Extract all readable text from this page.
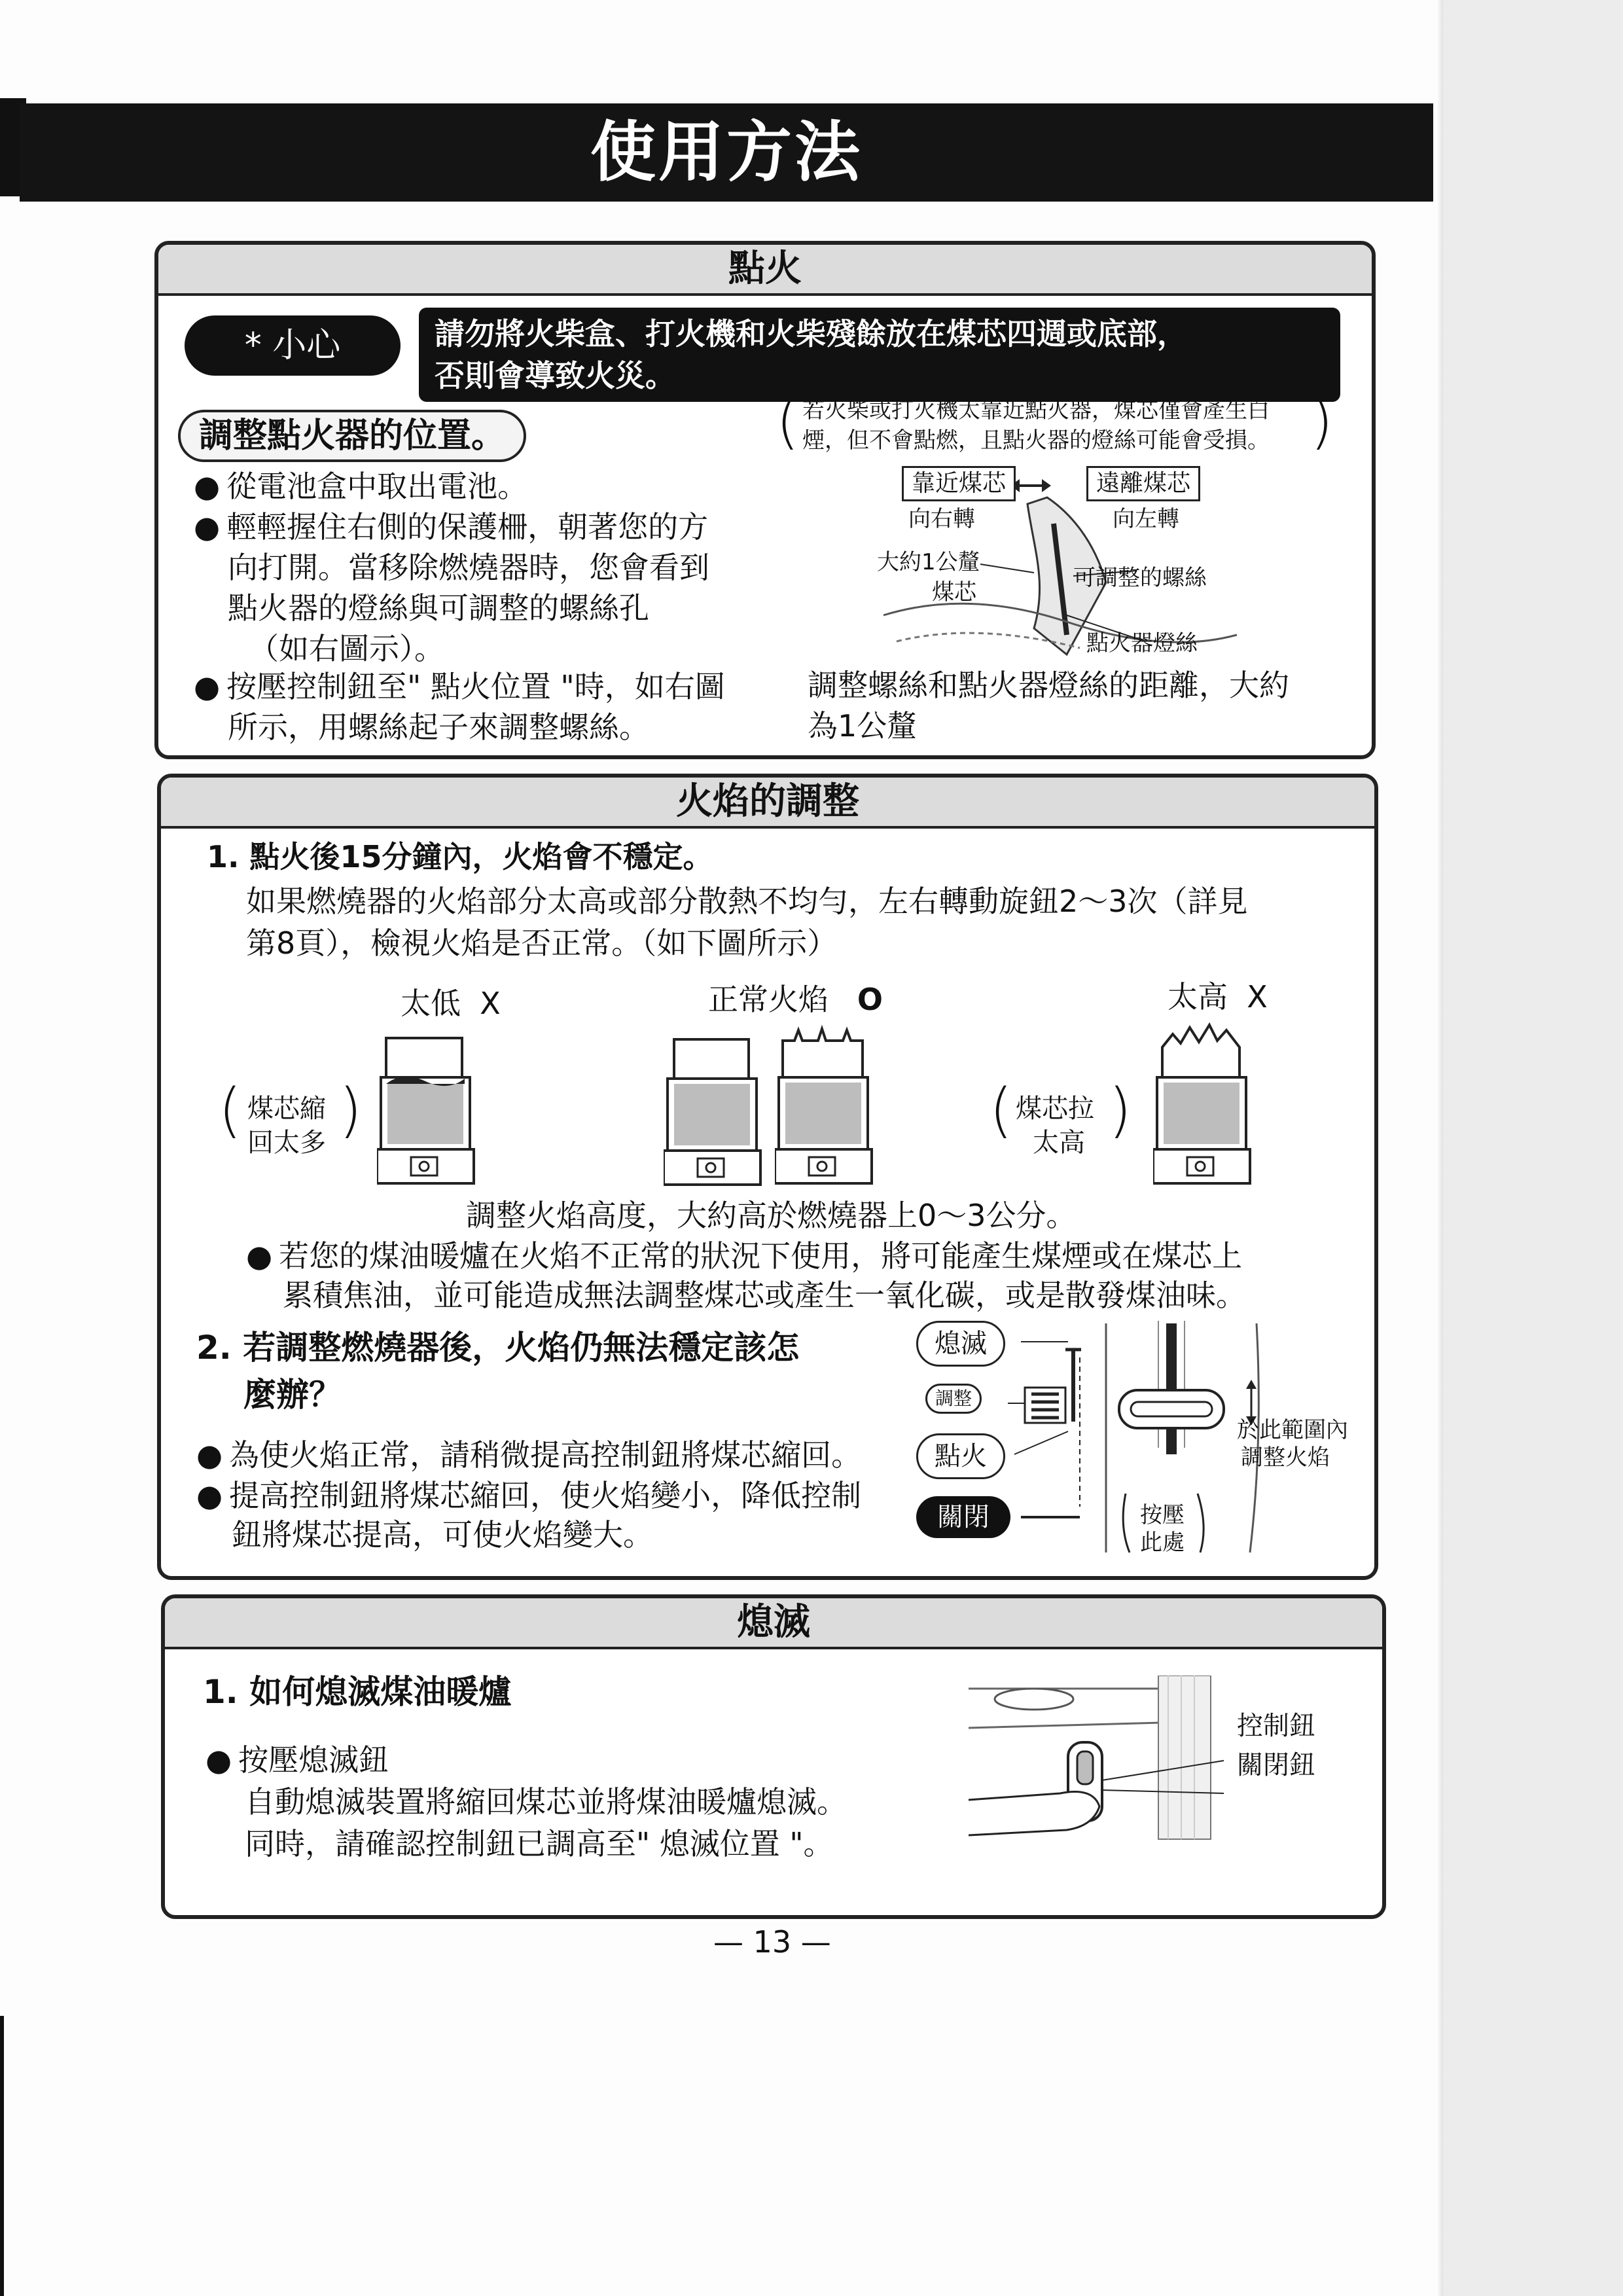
使用方法
點火
* 小心	請勿將火柴盒、打火機和火柴殘餘放在煤芯四週或底部，
否則會導致火災。
調整點火器的位置。
● 從電池盒中取出電池。
● 輕輕握住右側的保護柵，朝著您的方
向打開。當移除燃燒器時，您會看到
點火器的燈絲與可調整的螺絲孔
（如右圖示）。
● 按壓控制鈕至" 點火位置 "時，如右圖
所示，用螺絲起子來調整螺絲。
( 若火柴或打火機太靠近點火器，煤芯僅會產生白
煙，但不會點燃，且點火器的燈絲可能會受損。 )
靠近煤芯	遠離煤芯
向右轉	向左轉
大約1公釐
煤芯
可調整的螺絲
點火器燈絲
調整螺絲和點火器燈絲的距離，大約
為1公釐
火焰的調整
1. 點火後15分鐘內，火焰會不穩定。
如果燃燒器的火焰部分太高或部分散熱不均勻，左右轉動旋鈕2～3次（詳見
第8頁），檢視火焰是否正常。（如下圖所示）
太低 X	正常火焰 O	太高 X
( 煤芯縮
回太多 )	( 煤芯拉
太高 )
調整火焰高度，大約高於燃燒器上0～3公分。
● 若您的煤油暖爐在火焰不正常的狀況下使用，將可能產生煤煙或在煤芯上
累積焦油，並可能造成無法調整煤芯或產生一氧化碳，或是散發煤油味。
2. 若調整燃燒器後，火焰仍無法穩定該怎
麼辦？
● 為使火焰正常，請稍微提高控制鈕將煤芯縮回。
● 提高控制鈕將煤芯縮回，使火焰變小，降低控制
鈕將煤芯提高，可使火焰變大。
熄滅
調整
點火
關閉
於此範圍內
調整火焰
按壓
此處
熄滅
1. 如何熄滅煤油暖爐
● 按壓熄滅鈕
自動熄滅裝置將縮回煤芯並將煤油暖爐熄滅。
同時，請確認控制鈕已調高至" 熄滅位置 "。
控制鈕
關閉鈕
— 13 —
